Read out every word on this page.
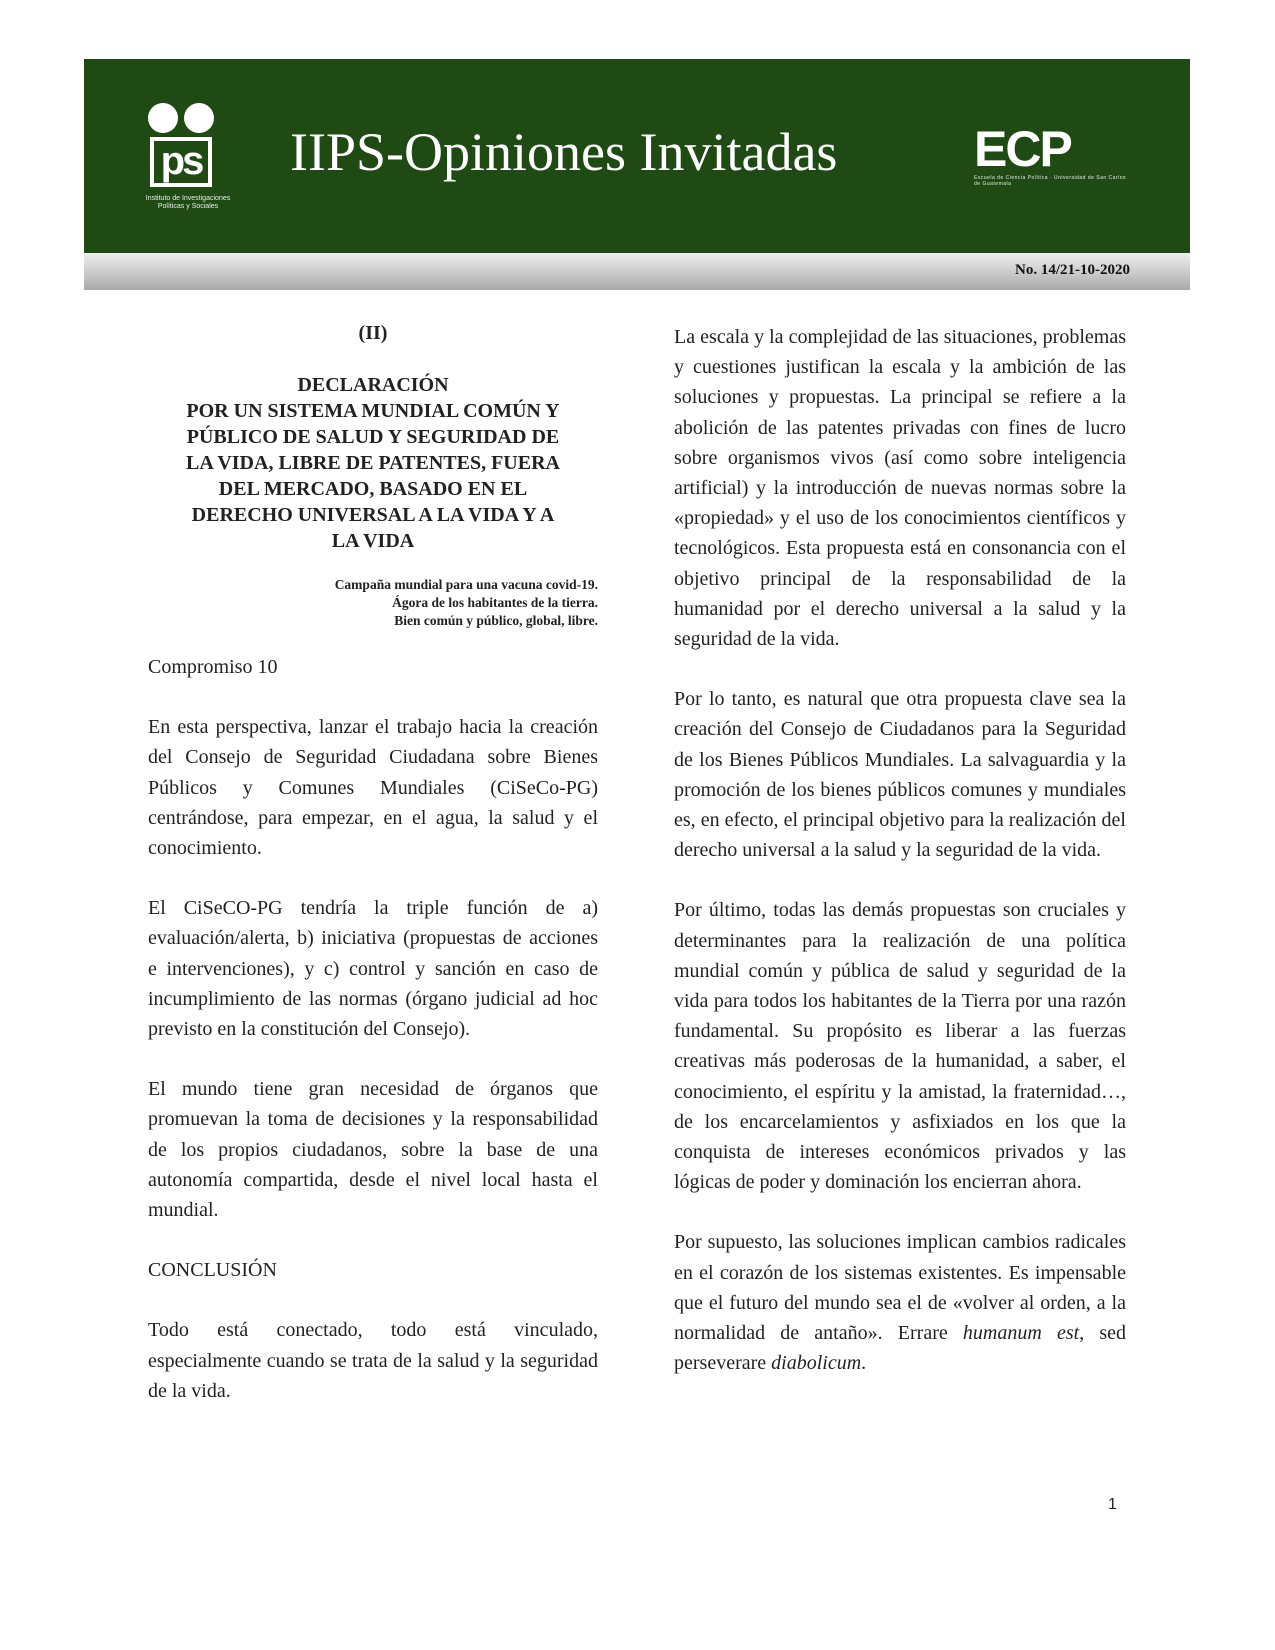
ps
Instituto de Investigaciones Políticas y Sociales
IIPS-Opiniones Invitadas	ECP
Escuela de Ciencia Política · Universidad de San Carlos de Guatemala
No. 14/21-10-2020
(II)
DECLARACIÓN
POR UN SISTEMA MUNDIAL COMÚN Y
PÚBLICO DE SALUD Y SEGURIDAD DE
LA VIDA, LIBRE DE PATENTES, FUERA
DEL MERCADO, BASADO EN EL
DERECHO UNIVERSAL A LA VIDA Y A
LA VIDA
Campaña mundial para una vacuna covid-19.
Ágora de los habitantes de la tierra.
Bien común y público, global, libre.

Compromiso 10

En esta perspectiva, lanzar el trabajo hacia la creación del Consejo de Seguridad Ciudadana sobre Bienes Públicos y Comunes Mundiales (CiSeCo-PG) centrándose, para empezar, en el agua, la salud y el conocimiento.

El CiSeCO-PG tendría la triple función de a) evaluación/alerta, b) iniciativa (propuestas de acciones e intervenciones), y c) control y sanción en caso de incumplimiento de las normas (órgano judicial ad hoc previsto en la constitución del Consejo).

El mundo tiene gran necesidad de órganos que promuevan la toma de decisiones y la responsabilidad de los propios ciudadanos, sobre la base de una autonomía compartida, desde el nivel local hasta el mundial.

CONCLUSIÓN

Todo está conectado, todo está vinculado, especialmente cuando se trata de la salud y la seguridad de la vida.

La escala y la complejidad de las situaciones, problemas y cuestiones justifican la escala y la ambición de las soluciones y propuestas. La principal se refiere a la abolición de las patentes privadas con fines de lucro sobre organismos vivos (así como sobre inteligencia artificial) y la introducción de nuevas normas sobre la «propiedad» y el uso de los conocimientos científicos y tecnológicos. Esta propuesta está en consonancia con el objetivo principal de la responsabilidad de la humanidad por el derecho universal a la salud y la seguridad de la vida.

Por lo tanto, es natural que otra propuesta clave sea la creación del Consejo de Ciudadanos para la Seguridad de los Bienes Públicos Mundiales. La salvaguardia y la promoción de los bienes públicos comunes y mundiales es, en efecto, el principal objetivo para la realización del derecho universal a la salud y la seguridad de la vida.

Por último, todas las demás propuestas son cruciales y determinantes para la realización de una política mundial común y pública de salud y seguridad de la vida para todos los habitantes de la Tierra por una razón fundamental. Su propósito es liberar a las fuerzas creativas más poderosas de la humanidad, a saber, el conocimiento, el espíritu y la amistad, la fraternidad…, de los encarcelamientos y asfixiados en los que la conquista de intereses económicos privados y las lógicas de poder y dominación los encierran ahora.

Por supuesto, las soluciones implican cambios radicales en el corazón de los sistemas existentes. Es impensable que el futuro del mundo sea el de «volver al orden, a la normalidad de antaño». Errare humanum est, sed perseverare diabolicum.

1
